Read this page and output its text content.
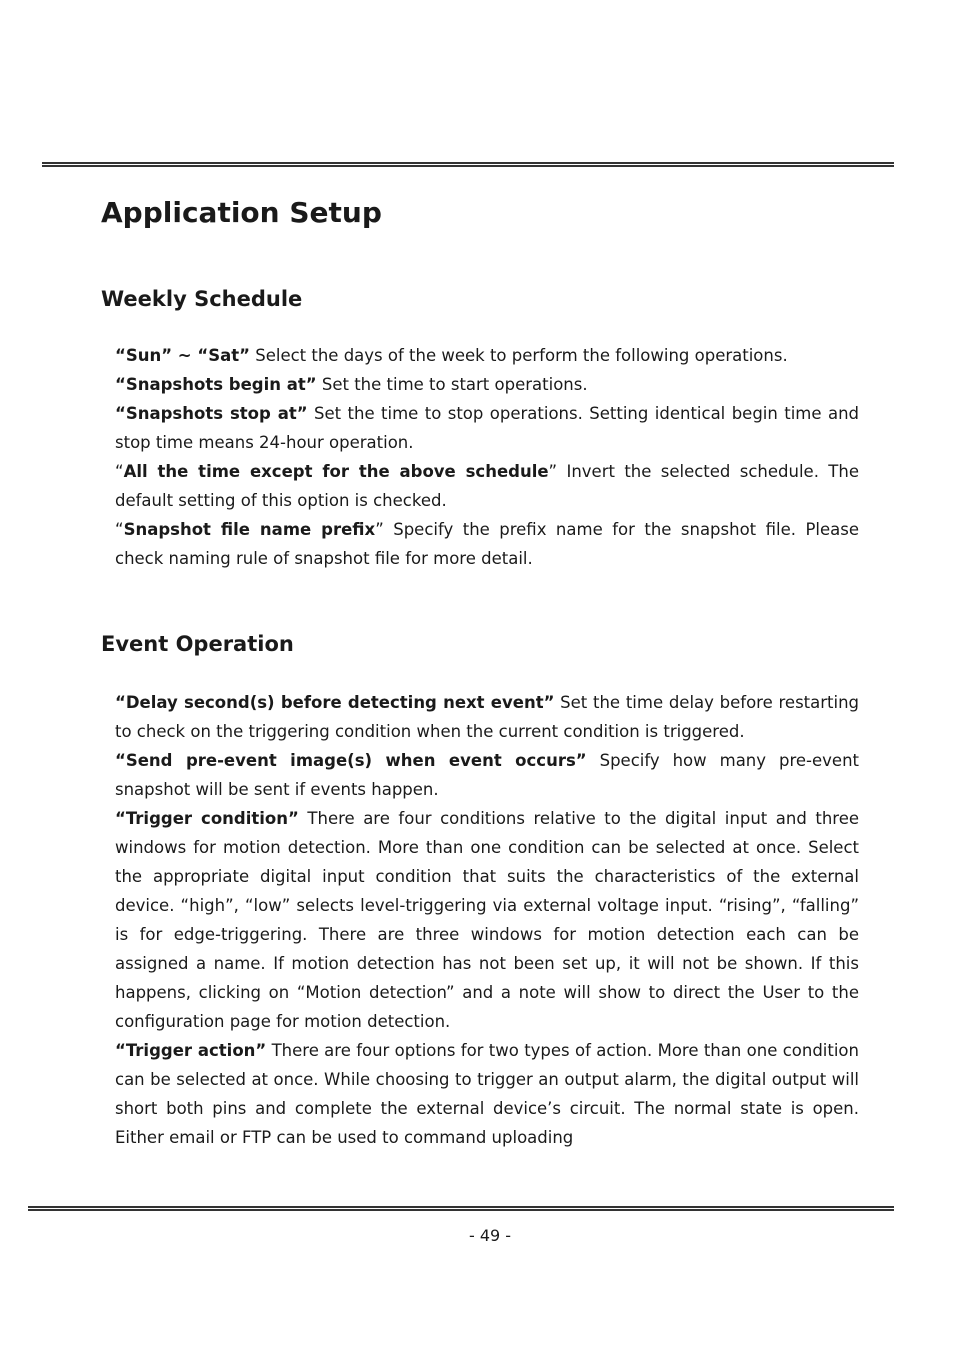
Application Setup
Weekly Schedule

“Sun” ~ “Sat” Select the days of the week to perform the following operations.

“Snapshots begin at” Set the time to start operations.

“Snapshots stop at” Set the time to stop operations. Setting identical begin time and stop time means 24-hour operation.

“All the time except for the above schedule” Invert the selected schedule. The default setting of this option is checked.

“Snapshot file name prefix” Specify the prefix name for the snapshot file. Please check naming rule of snapshot file for more detail.

Event Operation

“Delay second(s) before detecting next event” Set the time delay before restarting to check on the triggering condition when the current condition is triggered.

“Send pre-event image(s) when event occurs” Specify how many pre-event snapshot will be sent if events happen.

“Trigger condition” There are four conditions relative to the digital input and three windows for motion detection. More than one condition can be selected at once. Select the appropriate digital input condition that suits the characteristics of the external device. “high”, “low” selects level-triggering via external voltage input. “rising”, “falling” is for edge-triggering. There are three windows for motion detection each can be assigned a name. If motion detection has not been set up, it will not be shown. If this happens, clicking on “Motion detection” and a note will show to direct the User to the configuration page for motion detection.

“Trigger action” There are four options for two types of action. More than one condition can be selected at once. While choosing to trigger an output alarm, the digital output will short both pins and complete the external device’s circuit. The normal state is open. Either email or FTP can be used to command uploading

- 49 -
